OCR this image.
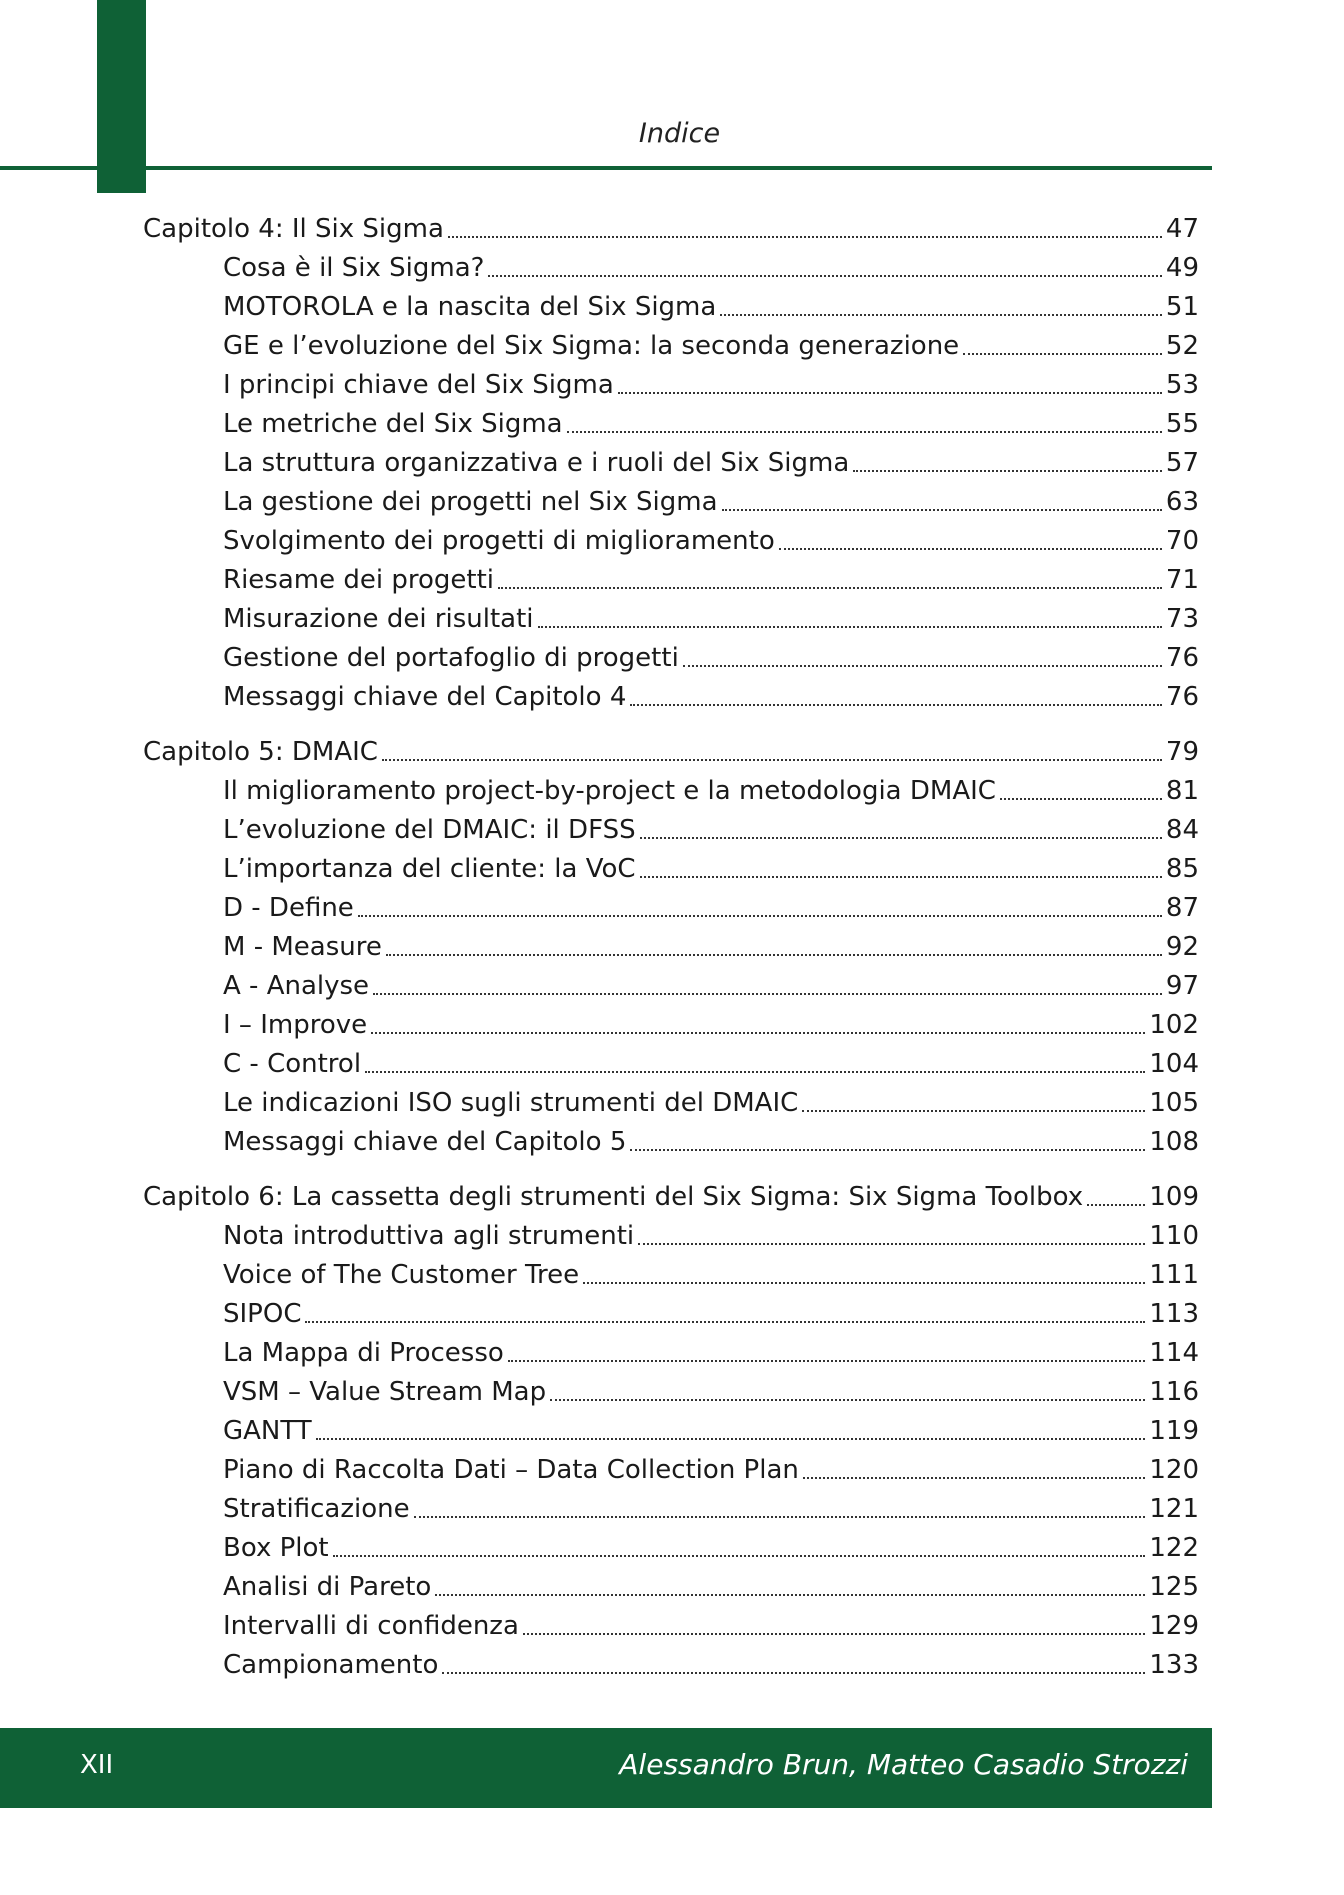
Indice
Capitolo 4: Il Six Sigma	47
Cosa è il Six Sigma?	49
MOTOROLA e la nascita del Six Sigma	51
GE e l’evoluzione del Six Sigma: la seconda generazione	52
I principi chiave del Six Sigma	53
Le metriche del Six Sigma	55
La struttura organizzativa e i ruoli del Six Sigma	57
La gestione dei progetti nel Six Sigma	63
Svolgimento dei progetti di miglioramento	70
Riesame dei progetti	71
Misurazione dei risultati	73
Gestione del portafoglio di progetti	76
Messaggi chiave del Capitolo 4	76
Capitolo 5: DMAIC	79
Il miglioramento project-by-project e la metodologia DMAIC	81
L’evoluzione del DMAIC: il DFSS	84
L’importanza del cliente: la VoC	85
D - Define	87
M - Measure	92
A - Analyse	97
I – Improve	102
C - Control	104
Le indicazioni ISO sugli strumenti del DMAIC	105
Messaggi chiave del Capitolo 5	108
Capitolo 6: La cassetta degli strumenti del Six Sigma: Six Sigma Toolbox	109
Nota introduttiva agli strumenti	110
Voice of The Customer Tree	111
SIPOC	113
La Mappa di Processo	114
VSM – Value Stream Map	116
GANTT	119
Piano di Raccolta Dati – Data Collection Plan	120
Stratificazione	121
Box Plot	122
Analisi di Pareto	125
Intervalli di confidenza	129
Campionamento	133
XII	Alessandro Brun, Matteo Casadio Strozzi
